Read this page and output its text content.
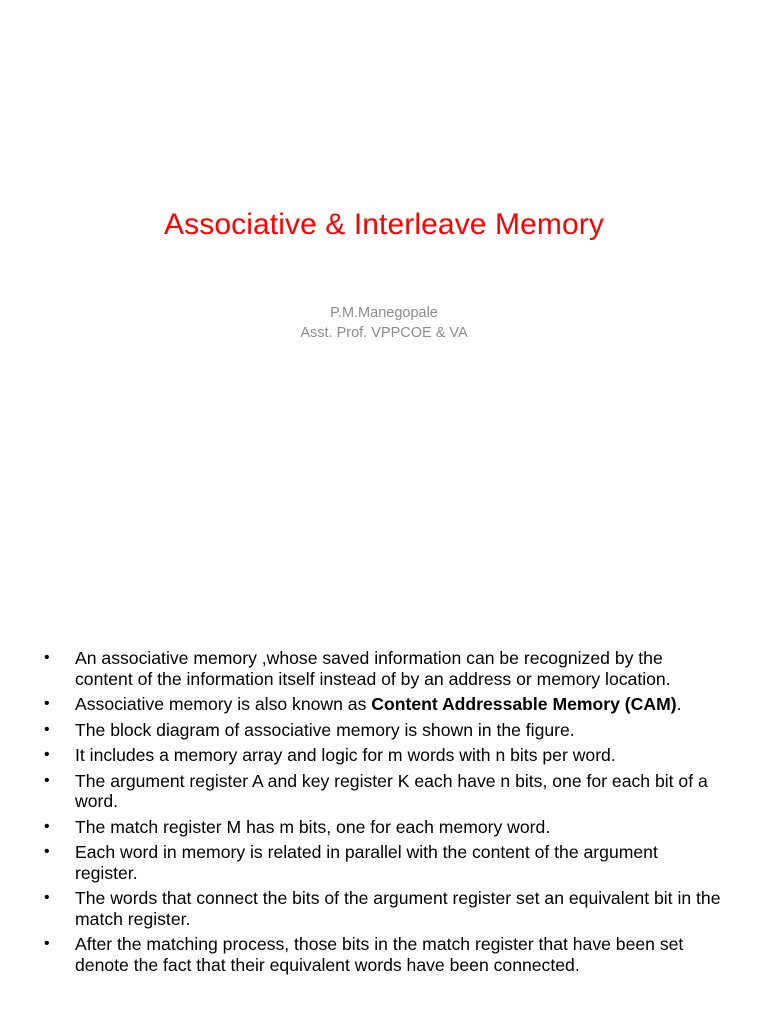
Associative & Interleave Memory
P.M.Manegopale
Asst. Prof. VPPCOE & VA
• An associative memory ,whose saved information can be recognized by the content of the information itself instead of by an address or memory location.
• Associative memory is also known as Content Addressable Memory (CAM).
• The block diagram of associative memory is shown in the figure.
• It includes a memory array and logic for m words with n bits per word.
• The argument register A and key register K each have n bits, one for each bit of a word.
• The match register M has m bits, one for each memory word.
• Each word in memory is related in parallel with the content of the argument register.
• The words that connect the bits of the argument register set an equivalent bit in the match register.
• After the matching process, those bits in the match register that have been set denote the fact that their equivalent words have been connected.
